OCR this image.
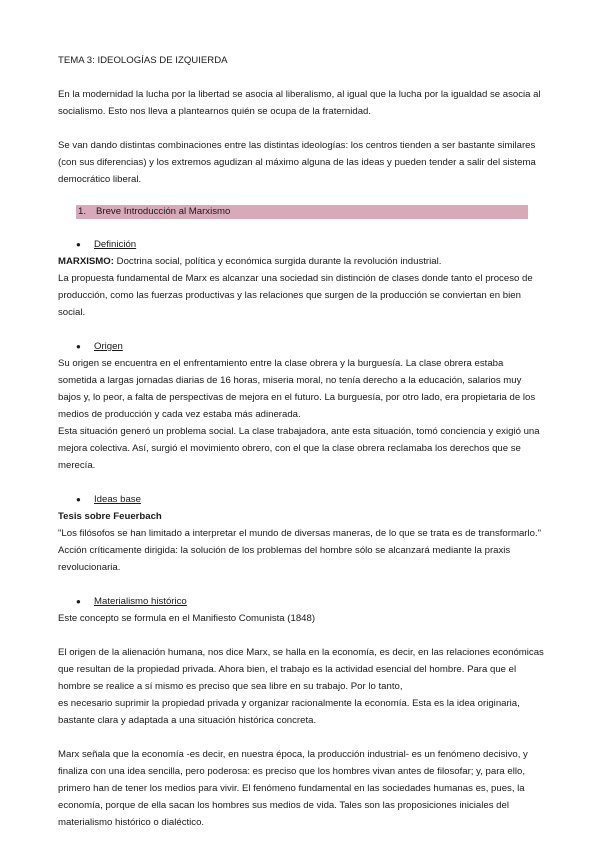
TEMA 3: IDEOLOGÍAS DE IZQUIERDA

En la modernidad la lucha por la libertad se asocia al liberalismo, al igual que la lucha por la igualdad se asocia al socialismo. Esto nos lleva a plantearnos quién se ocupa de la fraternidad.

Se van dando distintas combinaciones entre las distintas ideologías: los centros tienden a ser bastante similares (con sus diferencias) y los extremos agudizan al máximo alguna de las ideas y pueden tender a salir del sistema democrático liberal.

1. Breve Introducción al Marxismo

● Definición

MARXISMO: Doctrina social, política y económica surgida durante la revolución industrial.

La propuesta fundamental de Marx es alcanzar una sociedad sin distinción de clases donde tanto el proceso de producción, como las fuerzas productivas y las relaciones que surgen de la producción se conviertan en bien social.

● Origen

Su origen se encuentra en el enfrentamiento entre la clase obrera y la burguesía. La clase obrera estaba sometida a largas jornadas diarias de 16 horas, miseria moral, no tenía derecho a la educación, salarios muy bajos y, lo peor, a falta de perspectivas de mejora en el futuro. La burguesía, por otro lado, era propietaria de los medios de producción y cada vez estaba más adinerada.

Esta situación generó un problema social. La clase trabajadora, ante esta situación, tomó conciencia y exigió una mejora colectiva. Así, surgió el movimiento obrero, con el que la clase obrera reclamaba los derechos que se merecía.

● Ideas base

Tesis sobre Feuerbach

"Los filósofos se han limitado a interpretar el mundo de diversas maneras, de lo que se trata es de transformarlo." Acción críticamente dirigida: la solución de los problemas del hombre sólo se alcanzará mediante la praxis revolucionaria.

● Materialismo histórico

Este concepto se formula en el Manifiesto Comunista (1848)

El origen de la alienación humana, nos dice Marx, se halla en la economía, es decir, en las relaciones económicas que resultan de la propiedad privada. Ahora bien, el trabajo es la actividad esencial del hombre. Para que el hombre se realice a sí mismo es preciso que sea libre en su trabajo. Por lo tanto,

es necesario suprimir la propiedad privada y organizar racionalmente la economía. Esta es la idea originaria, bastante clara y adaptada a una situación histórica concreta.

Marx señala que la economía -es decir, en nuestra época, la producción industrial- es un fenómeno decisivo, y finaliza con una idea sencilla, pero poderosa: es preciso que los hombres vivan antes de filosofar; y, para ello, primero han de tener los medios para vivir. El fenómeno fundamental en las sociedades humanas es, pues, la economía, porque de ella sacan los hombres sus medios de vida. Tales son las proposiciones iniciales del materialismo histórico o dialéctico.
